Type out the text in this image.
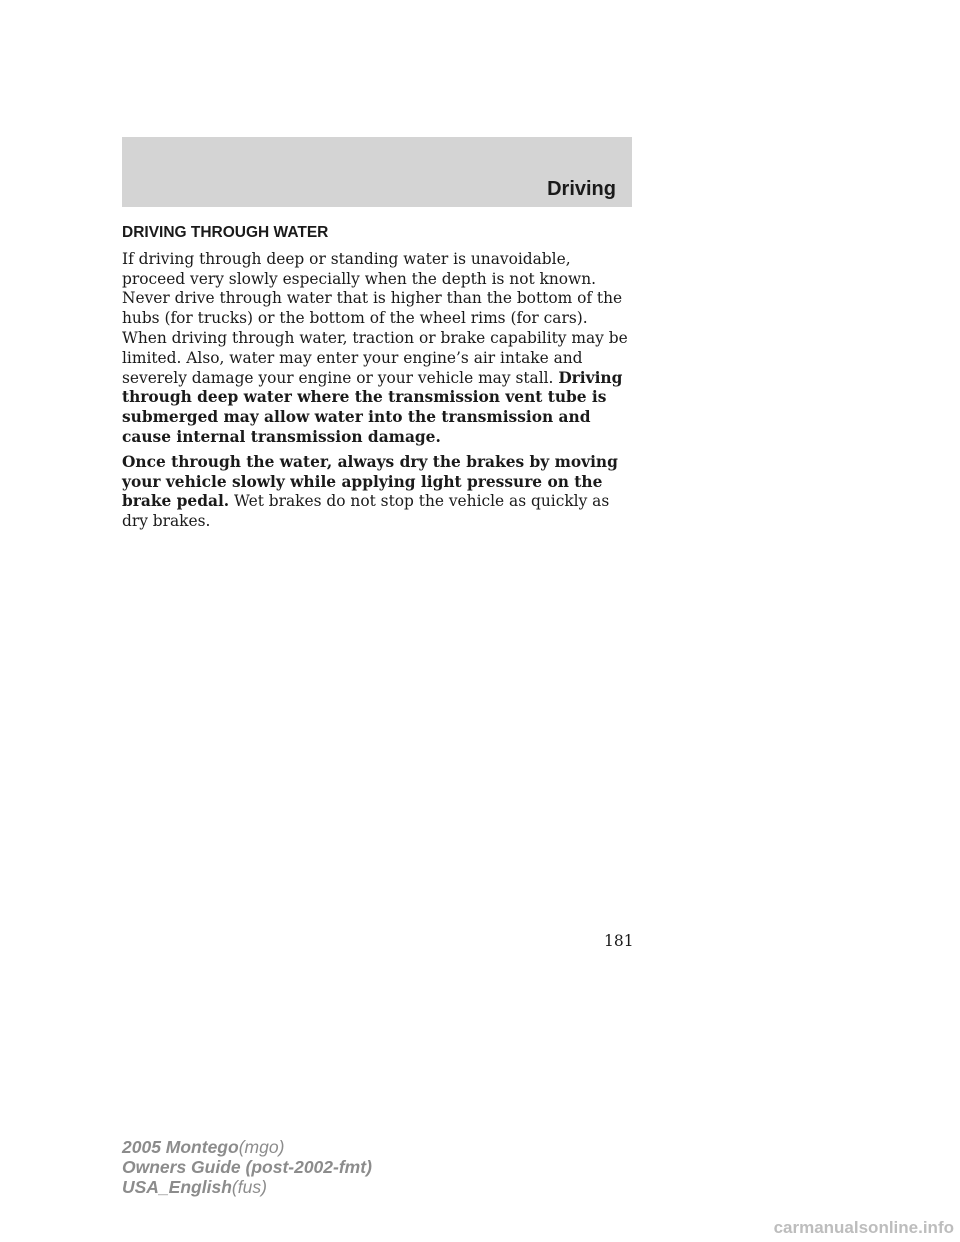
Driving
DRIVING THROUGH WATER

If driving through deep or standing water is unavoidable, proceed very slowly especially when the depth is not known. Never drive through water that is higher than the bottom of the hubs (for trucks) or the bottom of the wheel rims (for cars). When driving through water, traction or brake capability may be limited. Also, water may enter your engine’s air intake and severely damage your engine or your vehicle may stall. Driving through deep water where the transmission vent tube is submerged may allow water into the transmission and cause internal transmission damage.

Once through the water, always dry the brakes by moving your vehicle slowly while applying light pressure on the brake pedal. Wet brakes do not stop the vehicle as quickly as dry brakes.

181
2005 Montego(mgo)
Owners Guide (post-2002-fmt)
USA_English(fus)
carmanualsonline.info
